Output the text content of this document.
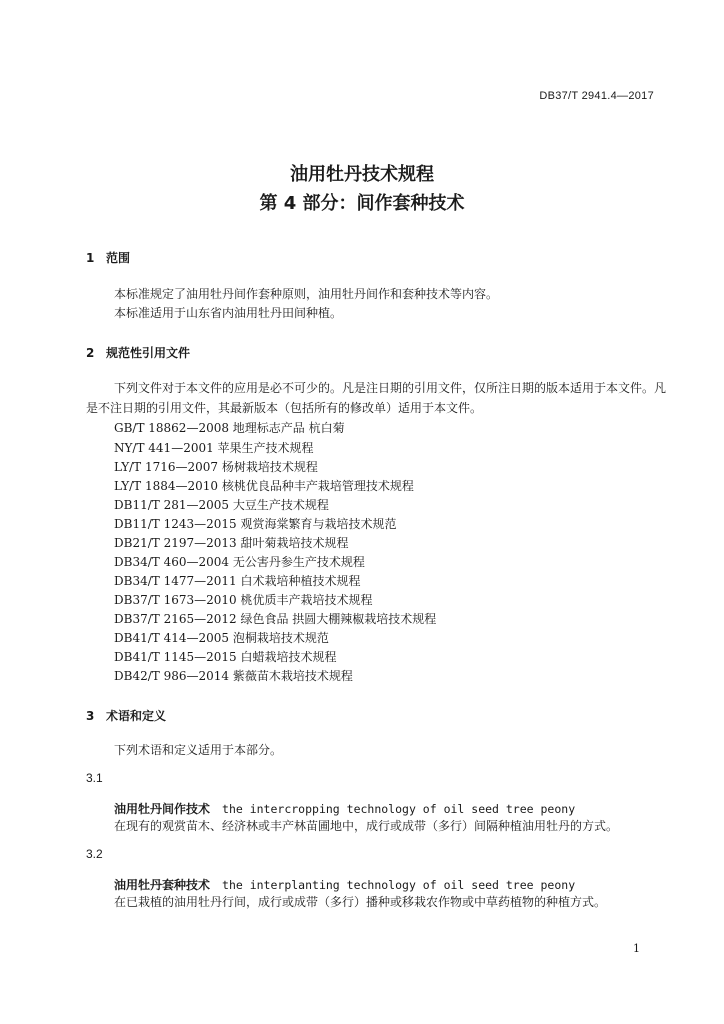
DB37/T 2941.4—2017
油用牡丹技术规程
第 4 部分：间作套种技术
1 范围
本标准规定了油用牡丹间作套种原则，油用牡丹间作和套种技术等内容。
本标准适用于山东省内油用牡丹田间种植。
2 规范性引用文件
下列文件对于本文件的应用是必不可少的。凡是注日期的引用文件，仅所注日期的版本适用于本文件。凡是不注日期的引用文件，其最新版本（包括所有的修改单）适用于本文件。
GB/T 18862—2008 地理标志产品 杭白菊
NY/T 441—2001 苹果生产技术规程
LY/T 1716—2007 杨树栽培技术规程
LY/T 1884—2010 核桃优良品种丰产栽培管理技术规程
DB11/T 281—2005 大豆生产技术规程
DB11/T 1243—2015 观赏海棠繁育与栽培技术规范
DB21/T 2197—2013 甜叶菊栽培技术规程
DB34/T 460—2004 无公害丹参生产技术规程
DB34/T 1477—2011 白术栽培种植技术规程
DB37/T 1673—2010 桃优质丰产栽培技术规程
DB37/T 2165—2012 绿色食品 拱圆大棚辣椒栽培技术规程
DB41/T 414—2005 泡桐栽培技术规范
DB41/T 1145—2015 白蜡栽培技术规程
DB42/T 986—2014 紫薇苗木栽培技术规程
3 术语和定义
下列术语和定义适用于本部分。
3.1
油用牡丹间作技术 the intercropping technology of oil seed tree peony
在现有的观赏苗木、经济林或丰产林苗圃地中，成行或成带（多行）间隔种植油用牡丹的方式。
3.2
油用牡丹套种技术 the interplanting technology of oil seed tree peony
在已栽植的油用牡丹行间，成行或成带（多行）播种或移栽农作物或中草药植物的种植方式。
1
